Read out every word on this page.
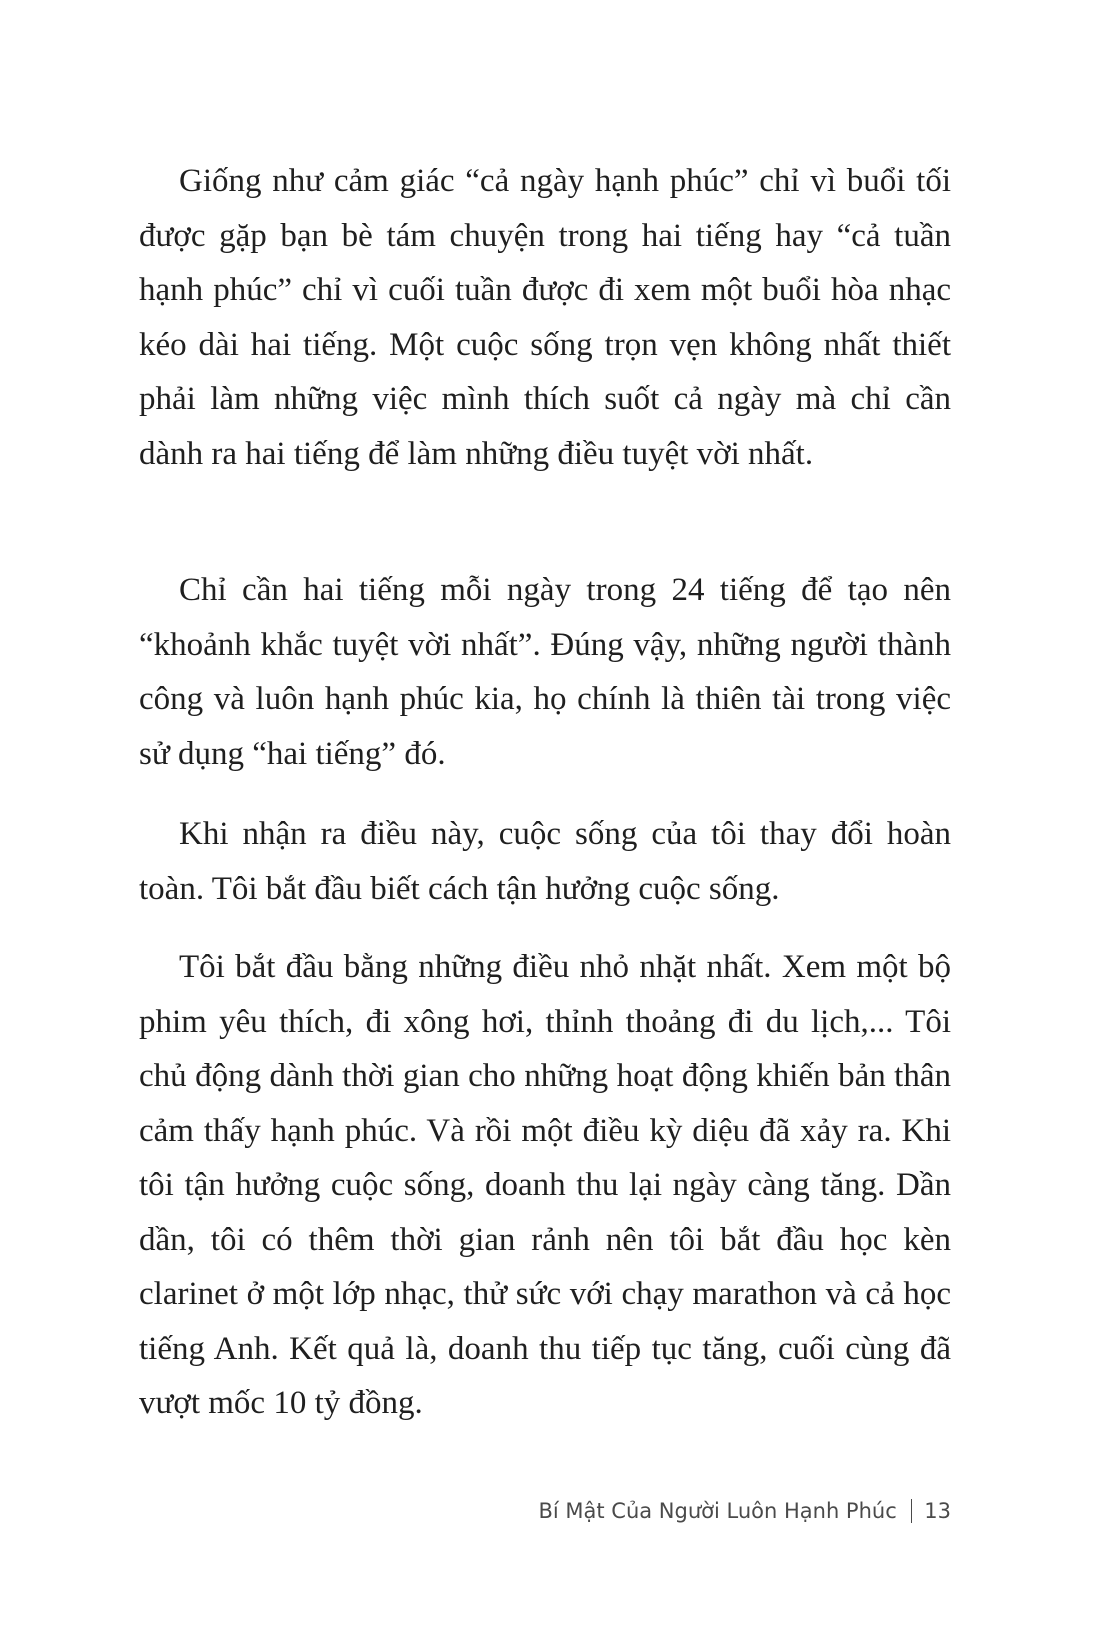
Giống như cảm giác “cả ngày hạnh phúc” chỉ vì buổi tối được gặp bạn bè tám chuyện trong hai tiếng hay “cả tuần hạnh phúc” chỉ vì cuối tuần được đi xem một buổi hòa nhạc kéo dài hai tiếng. Một cuộc sống trọn vẹn không nhất thiết phải làm những việc mình thích suốt cả ngày mà chỉ cần dành ra hai tiếng để làm những điều tuyệt vời nhất.

Chỉ cần hai tiếng mỗi ngày trong 24 tiếng để tạo nên “khoảnh khắc tuyệt vời nhất”. Đúng vậy, những người thành công và luôn hạnh phúc kia, họ chính là thiên tài trong việc sử dụng “hai tiếng” đó.

Khi nhận ra điều này, cuộc sống của tôi thay đổi hoàn toàn. Tôi bắt đầu biết cách tận hưởng cuộc sống.

Tôi bắt đầu bằng những điều nhỏ nhặt nhất. Xem một bộ phim yêu thích, đi xông hơi, thỉnh thoảng đi du lịch,... Tôi chủ động dành thời gian cho những hoạt động khiến bản thân cảm thấy hạnh phúc. Và rồi một điều kỳ diệu đã xảy ra. Khi tôi tận hưởng cuộc sống, doanh thu lại ngày càng tăng. Dần dần, tôi có thêm thời gian rảnh nên tôi bắt đầu học kèn clarinet ở một lớp nhạc, thử sức với chạy marathon và cả học tiếng Anh. Kết quả là, doanh thu tiếp tục tăng, cuối cùng đã vượt mốc 10 tỷ đồng.

Bí Mật Của Người Luôn Hạnh Phúc 13
